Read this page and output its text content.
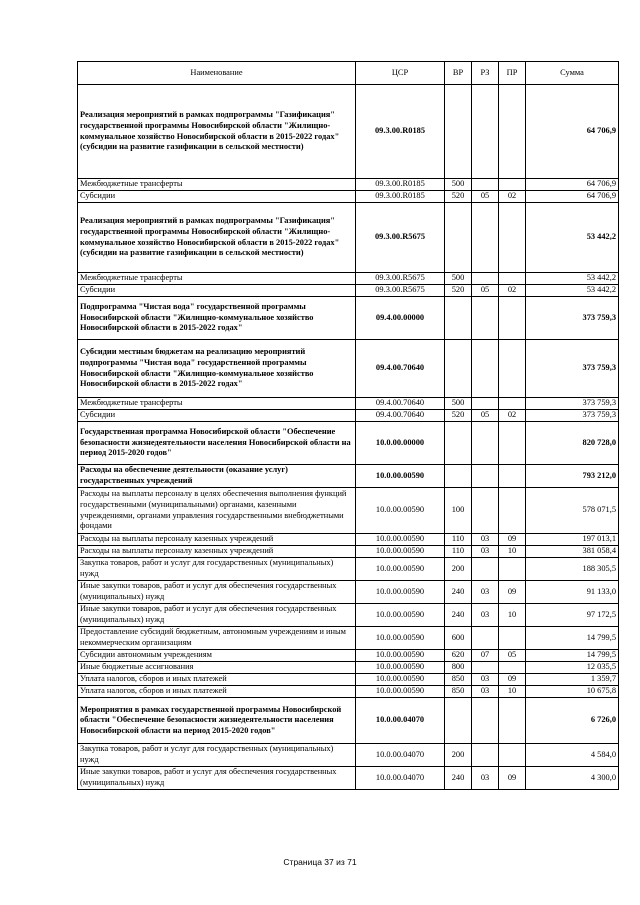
Наименование	ЦСР	ВР	РЗ	ПР	Сумма
Реализация мероприятий в рамках подпрограммы "Газификация" государственной программы Новосибирской области "Жилищно-коммунальное хозяйство Новосибирской области в 2015-2022 годах" (субсидии на развитие газификации в сельской местности)	09.3.00.R0185				64 706,9
Межбюджетные трансферты	09.3.00.R0185	500			64 706,9
Субсидии	09.3.00.R0185	520	05	02	64 706,9
Реализация мероприятий в рамках подпрограммы "Газификация" государственной программы Новосибирской области "Жилищно-коммунальное хозяйство Новосибирской области в 2015-2022 годах" (субсидии на развитие газификации в сельской местности)	09.3.00.R5675				53 442,2
Межбюджетные трансферты	09.3.00.R5675	500			53 442,2
Субсидии	09.3.00.R5675	520	05	02	53 442,2
Подпрограмма "Чистая вода" государственной программы Новосибирской области "Жилищно-коммунальное хозяйство Новосибирской области в 2015-2022 годах"	09.4.00.00000				373 759,3
Субсидии местным бюджетам на реализацию мероприятий подпрограммы "Чистая вода" государственной программы Новосибирской области "Жилищно-коммунальное хозяйство Новосибирской области в 2015-2022 годах"	09.4.00.70640				373 759,3
Межбюджетные трансферты	09.4.00.70640	500			373 759,3
Субсидии	09.4.00.70640	520	05	02	373 759,3
Государственная программа Новосибирской области "Обеспечение безопасности жизнедеятельности населения Новосибирской области на период 2015-2020 годов"	10.0.00.00000				820 728,0
Расходы на обеспечение деятельности (оказание услуг) государственных учреждений	10.0.00.00590				793 212,0
Расходы на выплаты персоналу в целях обеспечения выполнения функций государственными (муниципальными) органами, казенными учреждениями, органами управления государственными внебюджетными фондами	10.0.00.00590	100			578 071,5
Расходы на выплаты персоналу казенных учреждений	10.0.00.00590	110	03	09	197 013,1
Расходы на выплаты персоналу казенных учреждений	10.0.00.00590	110	03	10	381 058,4
Закупка товаров, работ и услуг для государственных (муниципальных) нужд	10.0.00.00590	200			188 305,5
Иные закупки товаров, работ и услуг для обеспечения государственных (муниципальных) нужд	10.0.00.00590	240	03	09	91 133,0
Иные закупки товаров, работ и услуг для обеспечения государственных (муниципальных) нужд	10.0.00.00590	240	03	10	97 172,5
Предоставление субсидий бюджетным, автономным учреждениям и иным некоммерческим организациям	10.0.00.00590	600			14 799,5
Субсидии автономным учреждениям	10.0.00.00590	620	07	05	14 799,5
Иные бюджетные ассигнования	10.0.00.00590	800			12 035,5
Уплата налогов, сборов и иных платежей	10.0.00.00590	850	03	09	1 359,7
Уплата налогов, сборов и иных платежей	10.0.00.00590	850	03	10	10 675,8
Мероприятия в рамках государственной программы Новосибирской области "Обеспечение безопасности жизнедеятельности населения Новосибирской области на период 2015-2020 годов"	10.0.00.04070				6 726,0
Закупка товаров, работ и услуг для государственных (муниципальных) нужд	10.0.00.04070	200			4 584,0
Иные закупки товаров, работ и услуг для обеспечения государственных (муниципальных) нужд	10.0.00.04070	240	03	09	4 300,0
Страница 37 из 71
